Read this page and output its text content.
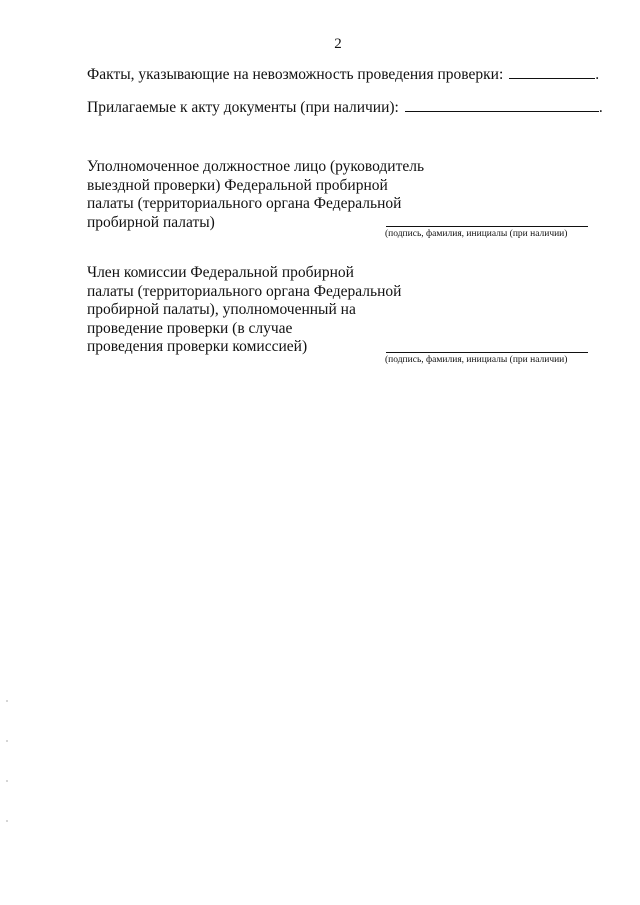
2
Факты, указывающие на невозможность проведения проверки:	.
Прилагаемые к акту документы (при наличии):	.
Уполномоченное должностное лицо (руководитель
выездной проверки) Федеральной пробирной
палаты (территориального органа Федеральной
пробирной палаты)
(подпись, фамилия, инициалы (при наличии)
Член комиссии Федеральной пробирной
палаты (территориального органа Федеральной
пробирной палаты), уполномоченный на
проведение проверки (в случае
проведения проверки комиссией)
(подпись, фамилия, инициалы (при наличии)
